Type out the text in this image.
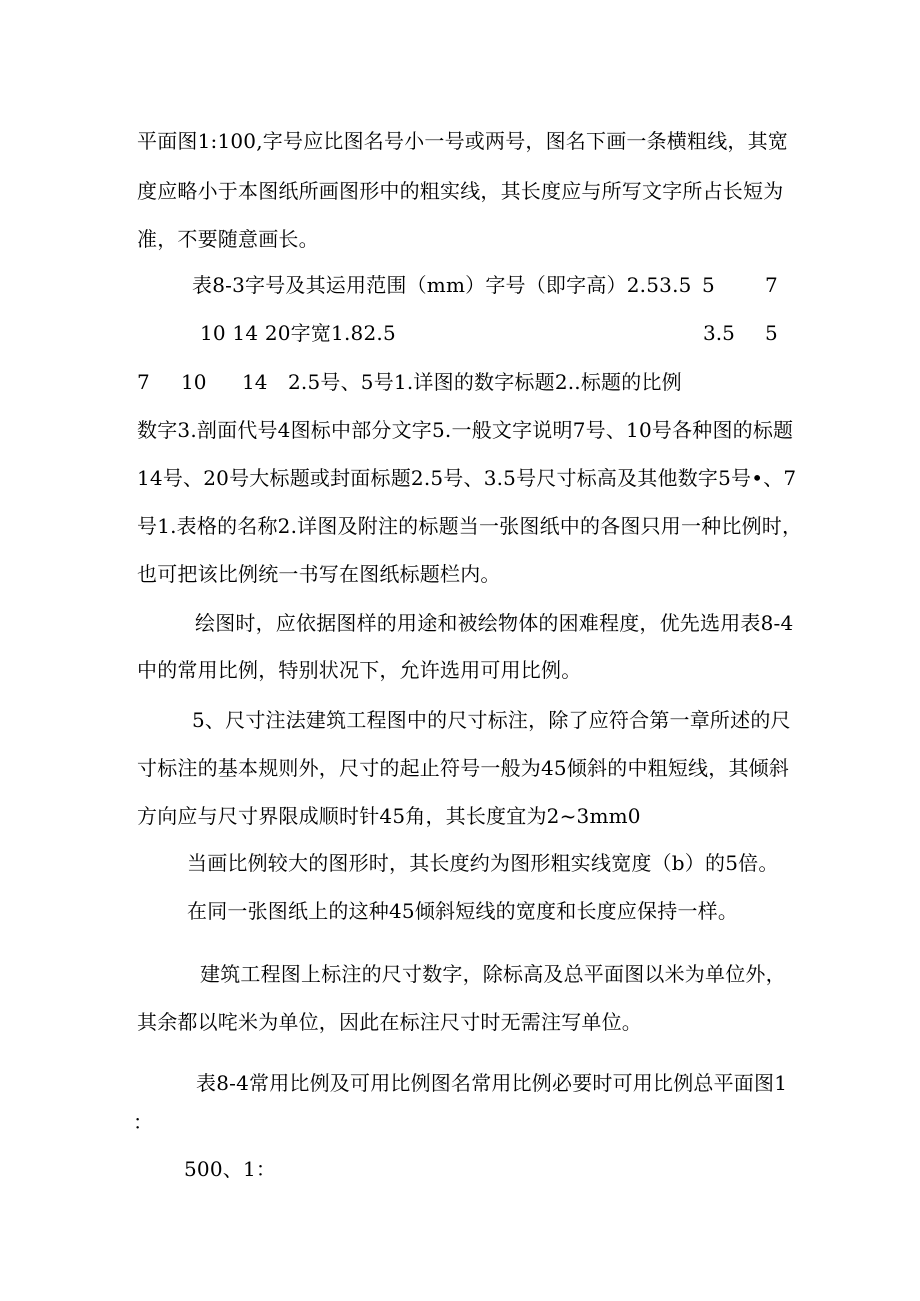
平面图1:100,字号应比图名号小一号或两号，图名下画一条横粗线，其宽
度应略小于本图纸所画图形中的粗实线，其长度应与所写文字所占长短为
准，不要随意画长。
表8-3字号及其运用范围（mm）字号（即字高）2.53.5 5	7
10 14 20字宽1.82.5	3.5 5
7 10 14 2.5号、5号1.详图的数字标题2..标题的比例
数字3.剖面代号4图标中部分文字5.一般文字说明7号、10号各种图的标题
14号、20号大标题或封面标题2.5号、3.5号尺寸标高及其他数字5号•、7
号1.表格的名称2.详图及附注的标题当一张图纸中的各图只用一种比例时，
也可把该比例统一书写在图纸标题栏内。
绘图时，应依据图样的用途和被绘物体的困难程度，优先选用表8-4
中的常用比例，特别状况下，允许选用可用比例。
5、尺寸注法建筑工程图中的尺寸标注，除了应符合第一章所述的尺
寸标注的基本规则外，尺寸的起止符号一般为45倾斜的中粗短线，其倾斜
方向应与尺寸界限成顺时针45角，其长度宜为2~3mm0
当画比例较大的图形时，其长度约为图形粗实线宽度（b）的5倍。
在同一张图纸上的这种45倾斜短线的宽度和长度应保持一样。
建筑工程图上标注的尺寸数字，除标高及总平面图以米为单位外，
其余都以咤米为单位，因此在标注尺寸时无需注写单位。
表8-4常用比例及可用比例图名常用比例必要时可用比例总平面图1
：
500、1：
